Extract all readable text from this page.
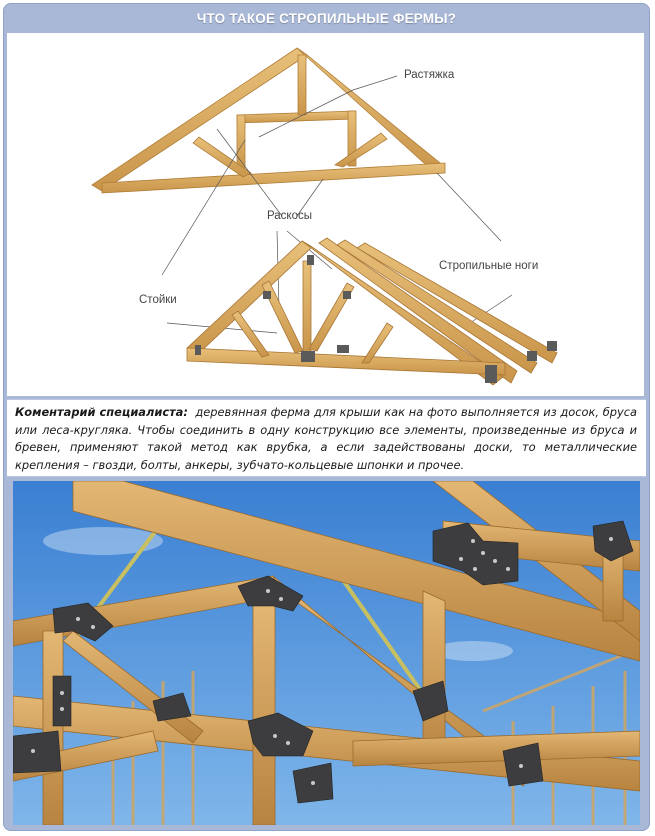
ЧТО ТАКОЕ СТРОПИЛЬНЫЕ ФЕРМЫ?
Растяжка
Раскосы
Стропильные ноги
Стойки
Коментарий специалиста: деревянная ферма для крыши как на фото выполняется из досок, бруса или леса-кругляка. Чтобы соединить в одну конструкцию все элементы, произведенные из бруса и бревен, применяют такой метод как врубка, а если задействованы доски, то металлические крепления – гвозди, болты, анкеры, зубчато-кольцевые шпонки и прочее.
